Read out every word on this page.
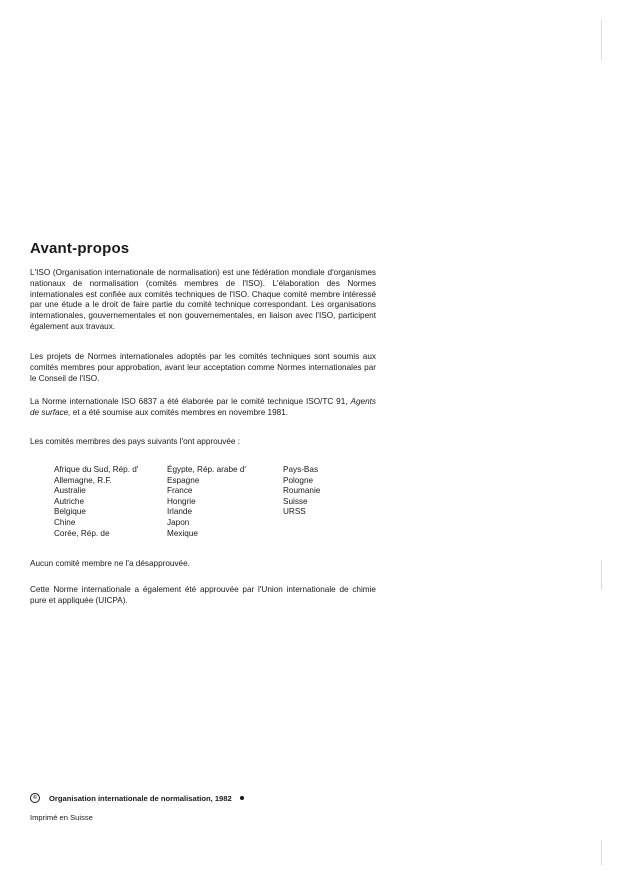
Avant-propos

L'ISO (Organisation internationale de normalisation) est une fédération mondiale d'organismes nationaux de normalisation (comités membres de l'ISO). L'élaboration des Normes internationales est confiée aux comités techniques de l'ISO. Chaque comité membre intéressé par une étude a le droit de faire partie du comité technique correspondant. Les organisations internationales, gouvernementales et non gouvernementales, en liaison avec l'ISO, participent également aux travaux.

Les projets de Normes internationales adoptés par les comités techniques sont soumis aux comités membres pour approbation, avant leur acceptation comme Normes internationales par le Conseil de l'ISO.

La Norme internationale ISO 6837 a été élaborée par le comité technique ISO/TC 91, Agents de surface, et a été soumise aux comités membres en novembre 1981.

Les comités membres des pays suivants l'ont approuvée :

Afrique du Sud, Rép. d'
Allemagne, R.F.
Australie
Autriche
Belgique
Chine
Corée, Rép. de
Égypte, Rép. arabe d'
Espagne
France
Hongrie
Irlande
Japon
Mexique
Pays-Bas
Pologne
Roumanie
Suisse
URSS

Aucun comité membre ne l'a désapprouvée.

Cette Norme internationale a également été approuvée par l'Union internationale de chimie pure et appliquée (UICPA).

©	Organisation internationale de normalisation, 1982
Imprimé en Suisse
